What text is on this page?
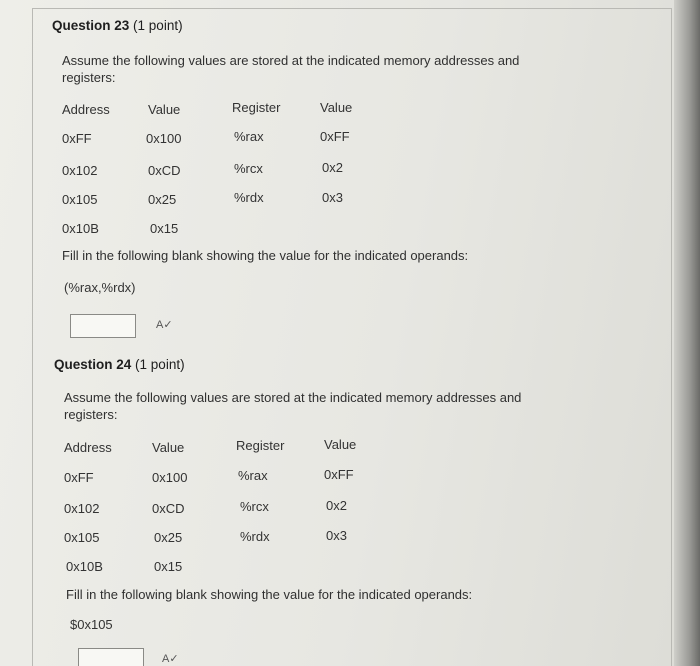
Question 23 (1 point)
Assume the following values are stored at the indicated memory addresses and registers:
Address	Value	Register	Value
0xFF	0x100	%rax	0xFF
0x102	0xCD	%rcx	0x2
0x105	0x25	%rdx	0x3
0x10B	0x15
Fill in the following blank showing the value for the indicated operands:
(%rax,%rdx)
A✓
Question 24 (1 point)
Assume the following values are stored at the indicated memory addresses and registers:
Address	Value	Register	Value
0xFF	0x100	%rax	0xFF
0x102	0xCD	%rcx	0x2
0x105	0x25	%rdx	0x3
0x10B	0x15
Fill in the following blank showing the value for the indicated operands:
$0x105
A✓
